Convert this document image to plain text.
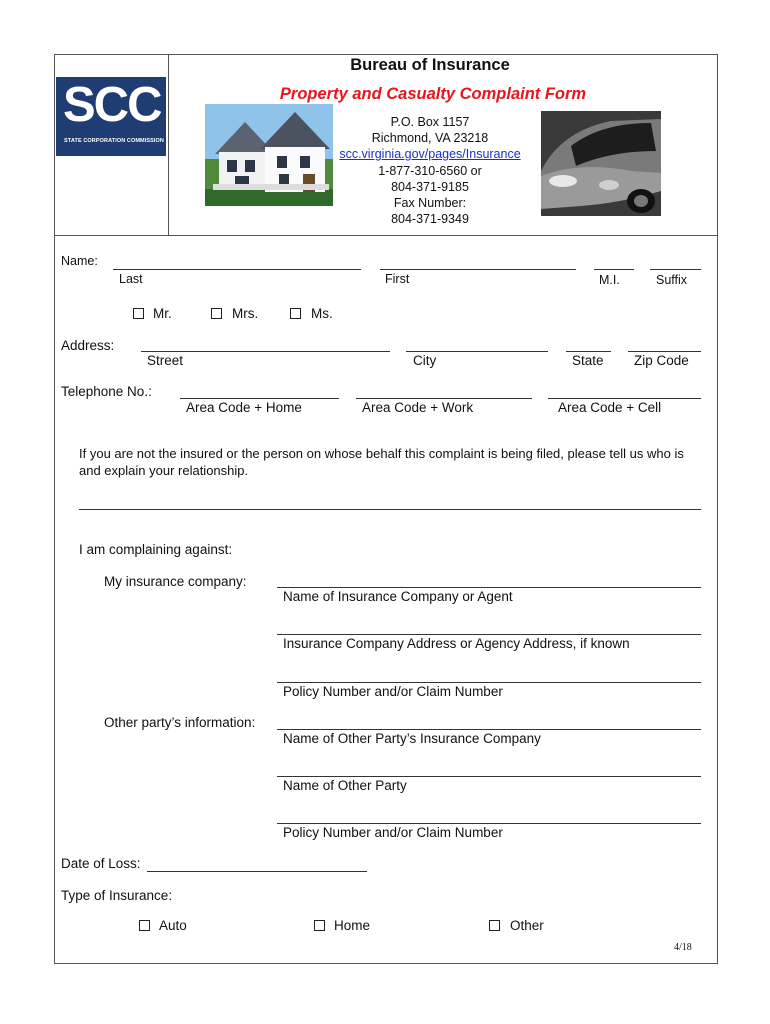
SCC
STATE CORPORATION COMMISSION
Bureau of Insurance
Property and Casualty Complaint Form
P.O. Box 1157
Richmond, VA 23218
scc.virginia.gov/pages/Insurance
1-877-310-6560 or
804-371-9185
Fax Number:
804-371-9349
Name:
Last	First	M.I.	Suffix
Mr.	Mrs.	Ms.
Address:
Street	City	State Zip Code
Telephone No.:
Area Code + Home	Area Code + Work	Area Code + Cell
If you are not the insured or the person on whose behalf this complaint is being filed, please tell us who is
and explain your relationship.
I am complaining against:
My insurance company:
Name of Insurance Company or Agent
Insurance Company Address or Agency Address, if known
Policy Number and/or Claim Number
Other party’s information:
Name of Other Party’s Insurance Company
Name of Other Party
Policy Number and/or Claim Number
Date of Loss:
Type of Insurance:
Auto	Home	Other
4/18
